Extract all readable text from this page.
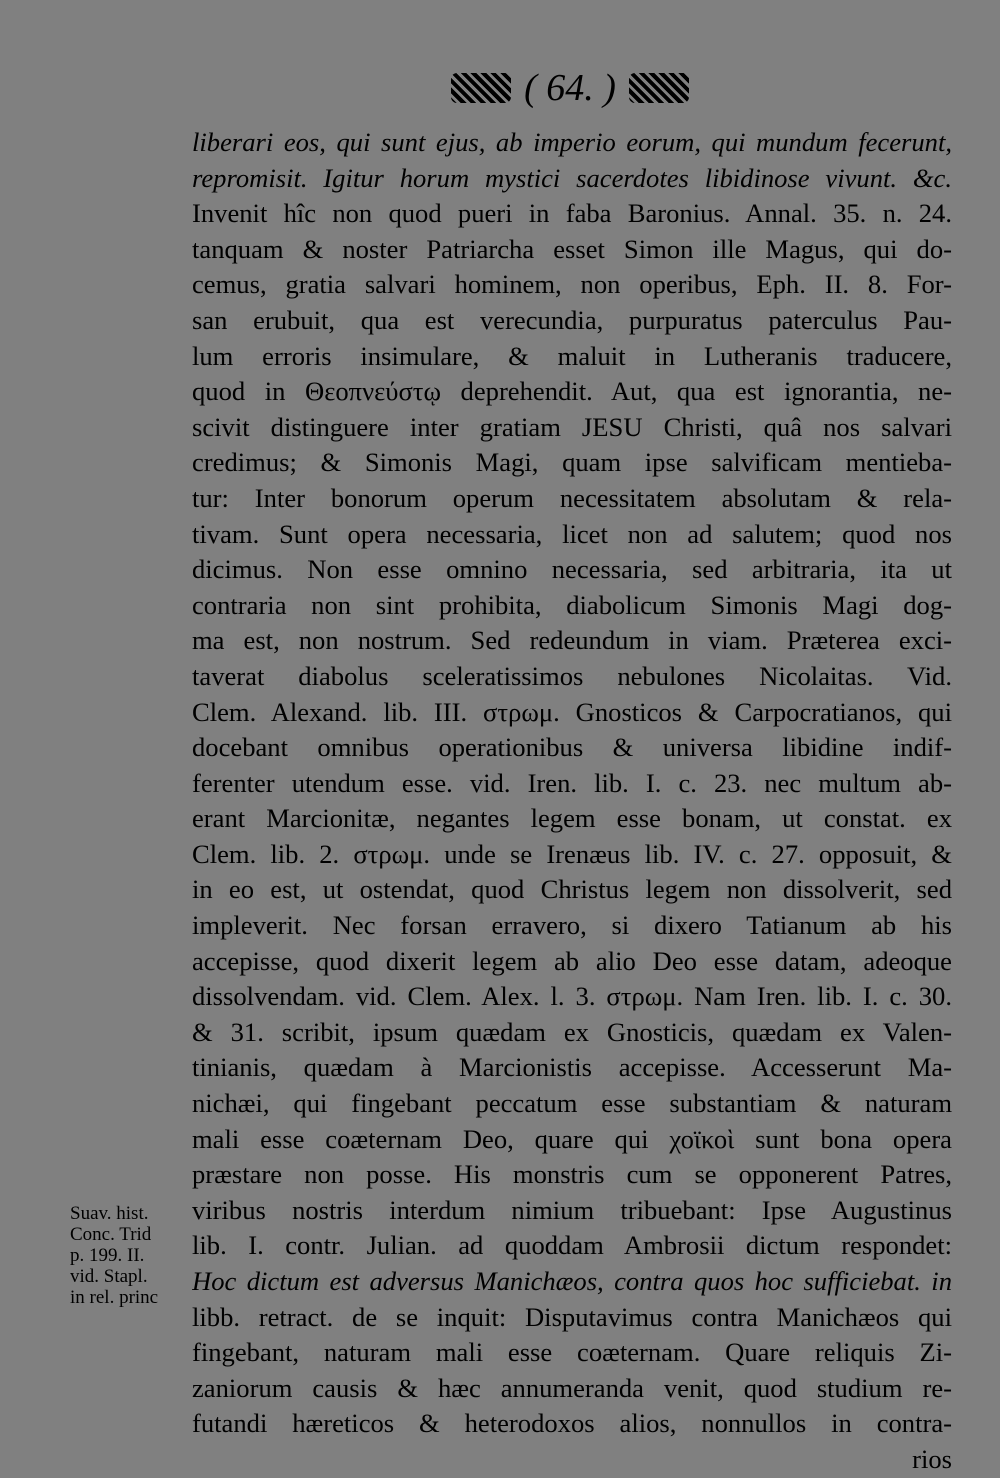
( 64. )
liberari eos, qui sunt ejus, ab imperio eorum, qui mundum fecerunt,
repromisit. Igitur horum mystici sacerdotes libidinose vivunt. &c.
Invenit hîc non quod pueri in faba Baronius. Annal. 35. n. 24.
tanquam & noster Patriarcha esset Simon ille Magus, qui do-
cemus, gratia salvari hominem, non operibus, Eph. II. 8. For-
san erubuit, qua est verecundia, purpuratus paterculus Pau-
lum erroris insimulare, & maluit in Lutheranis traducere,
quod in Θεοπνεύστῳ deprehendit. Aut, qua est ignorantia, ne-
scivit distinguere inter gratiam JESU Christi, quâ nos salvari
credimus; & Simonis Magi, quam ipse salvificam mentieba-
tur: Inter bonorum operum necessitatem absolutam & rela-
tivam. Sunt opera necessaria, licet non ad salutem; quod nos
dicimus. Non esse omnino necessaria, sed arbitraria, ita ut
contraria non sint prohibita, diabolicum Simonis Magi dog-
ma est, non nostrum. Sed redeundum in viam. Præterea exci-
taverat diabolus sceleratissimos nebulones Nicolaitas. Vid.
Clem. Alexand. lib. III. στρωμ. Gnosticos & Carpocratianos, qui
docebant omnibus operationibus & universa libidine indif-
ferenter utendum esse. vid. Iren. lib. I. c. 23. nec multum ab-
erant Marcionitæ, negantes legem esse bonam, ut constat. ex
Clem. lib. 2. στρωμ. unde se Irenæus lib. IV. c. 27. opposuit, &
in eo est, ut ostendat, quod Christus legem non dissolverit, sed
impleverit. Nec forsan erravero, si dixero Tatianum ab his
accepisse, quod dixerit legem ab alio Deo esse datam, adeoque
dissolvendam. vid. Clem. Alex. l. 3. στρωμ. Nam Iren. lib. I. c. 30.
& 31. scribit, ipsum quædam ex Gnosticis, quædam ex Valen-
tinianis, quædam à Marcionistis accepisse. Accesserunt Ma-
nichæi, qui fingebant peccatum esse substantiam & naturam
mali esse coæternam Deo, quare qui χοϊκοὶ sunt bona opera
præstare non posse. His monstris cum se opponerent Patres,
viribus nostris interdum nimium tribuebant: Ipse Augustinus
lib. I. contr. Julian. ad quoddam Ambrosii dictum respondet:
Hoc dictum est adversus Manichæos, contra quos hoc sufficiebat. in
libb. retract. de se inquit: Disputavimus contra Manichæos qui
fingebant, naturam mali esse coæternam. Quare reliquis Zi-
zaniorum causis & hæc annumeranda venit, quod studium re-
futandi hæreticos & heterodoxos alios, nonnullos in contra-
rios
Suav. hist.
Conc. Trid
p. 199. II.
vid. Stapl.
in rel. princ
